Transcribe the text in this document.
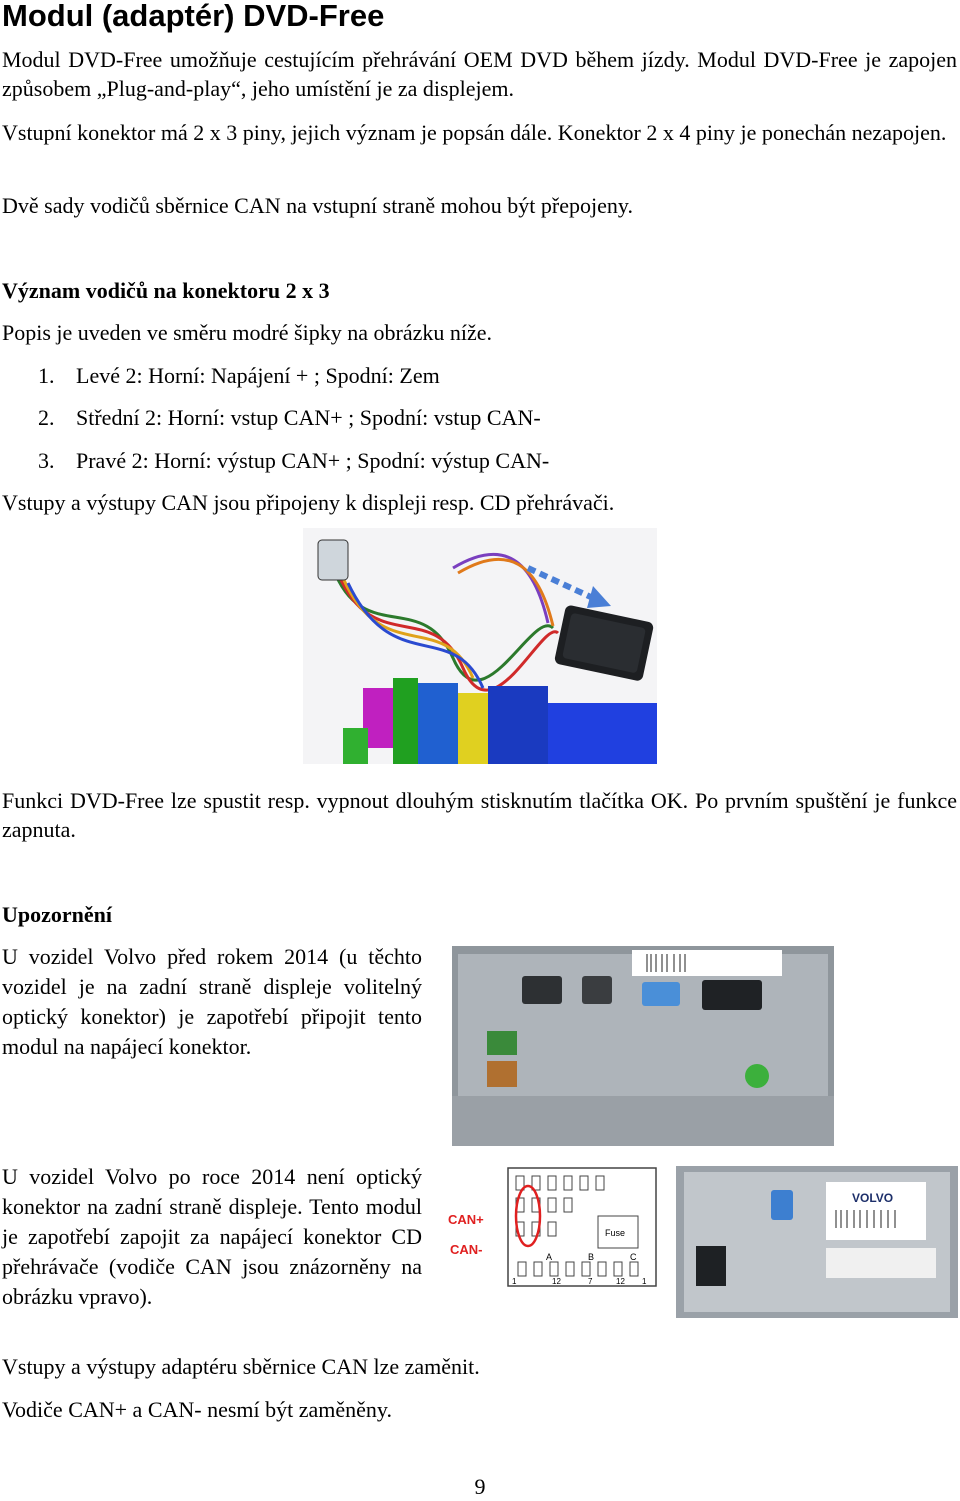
Modul (adaptér) DVD-Free
Modul DVD-Free umožňuje cestujícím přehrávání OEM DVD během jízdy. Modul DVD-Free je zapojen způsobem „Plug-and-play“, jeho umístění je za displejem.
Vstupní konektor má 2 x 3 piny, jejich význam je popsán dále. Konektor 2 x 4 piny je ponechán nezapojen.
Dvě sady vodičů sběrnice CAN na vstupní straně mohou být přepojeny.
Význam vodičů na konektoru 2 x 3
Popis je uveden ve směru modré šipky na obrázku níže.
1. Levé 2: Horní: Napájení + ; Spodní: Zem
2. Střední 2: Horní: vstup CAN+ ; Spodní: vstup CAN-
3. Pravé 2: Horní: výstup CAN+ ; Spodní: výstup CAN-
Vstupy a výstupy CAN jsou připojeny k displeji resp. CD přehrávači.
Funkci DVD-Free lze spustit resp. vypnout dlouhým stisknutím tlačítka OK. Po prvním spuštění je funkce zapnuta.
Upozornění
U vozidel Volvo před rokem 2014 (u těchto vozidel je na zadní straně displeje volitelný optický konektor) je zapotřebí připojit tento modul na napájecí konektor.
U vozidel Volvo po roce 2014 není optický konektor na zadní straně displeje. Tento modul je zapotřebí zapojit za napájecí konektor CD přehrávače (vodiče CAN jsou znázorněny na obrázku vpravo).
Fuse
A	B	C
1	12	7	12 1
CAN+
CAN-
VOLVO
Vstupy a výstupy adaptéru sběrnice CAN lze zaměnit.
Vodiče CAN+ a CAN- nesmí být zaměněny.
9
